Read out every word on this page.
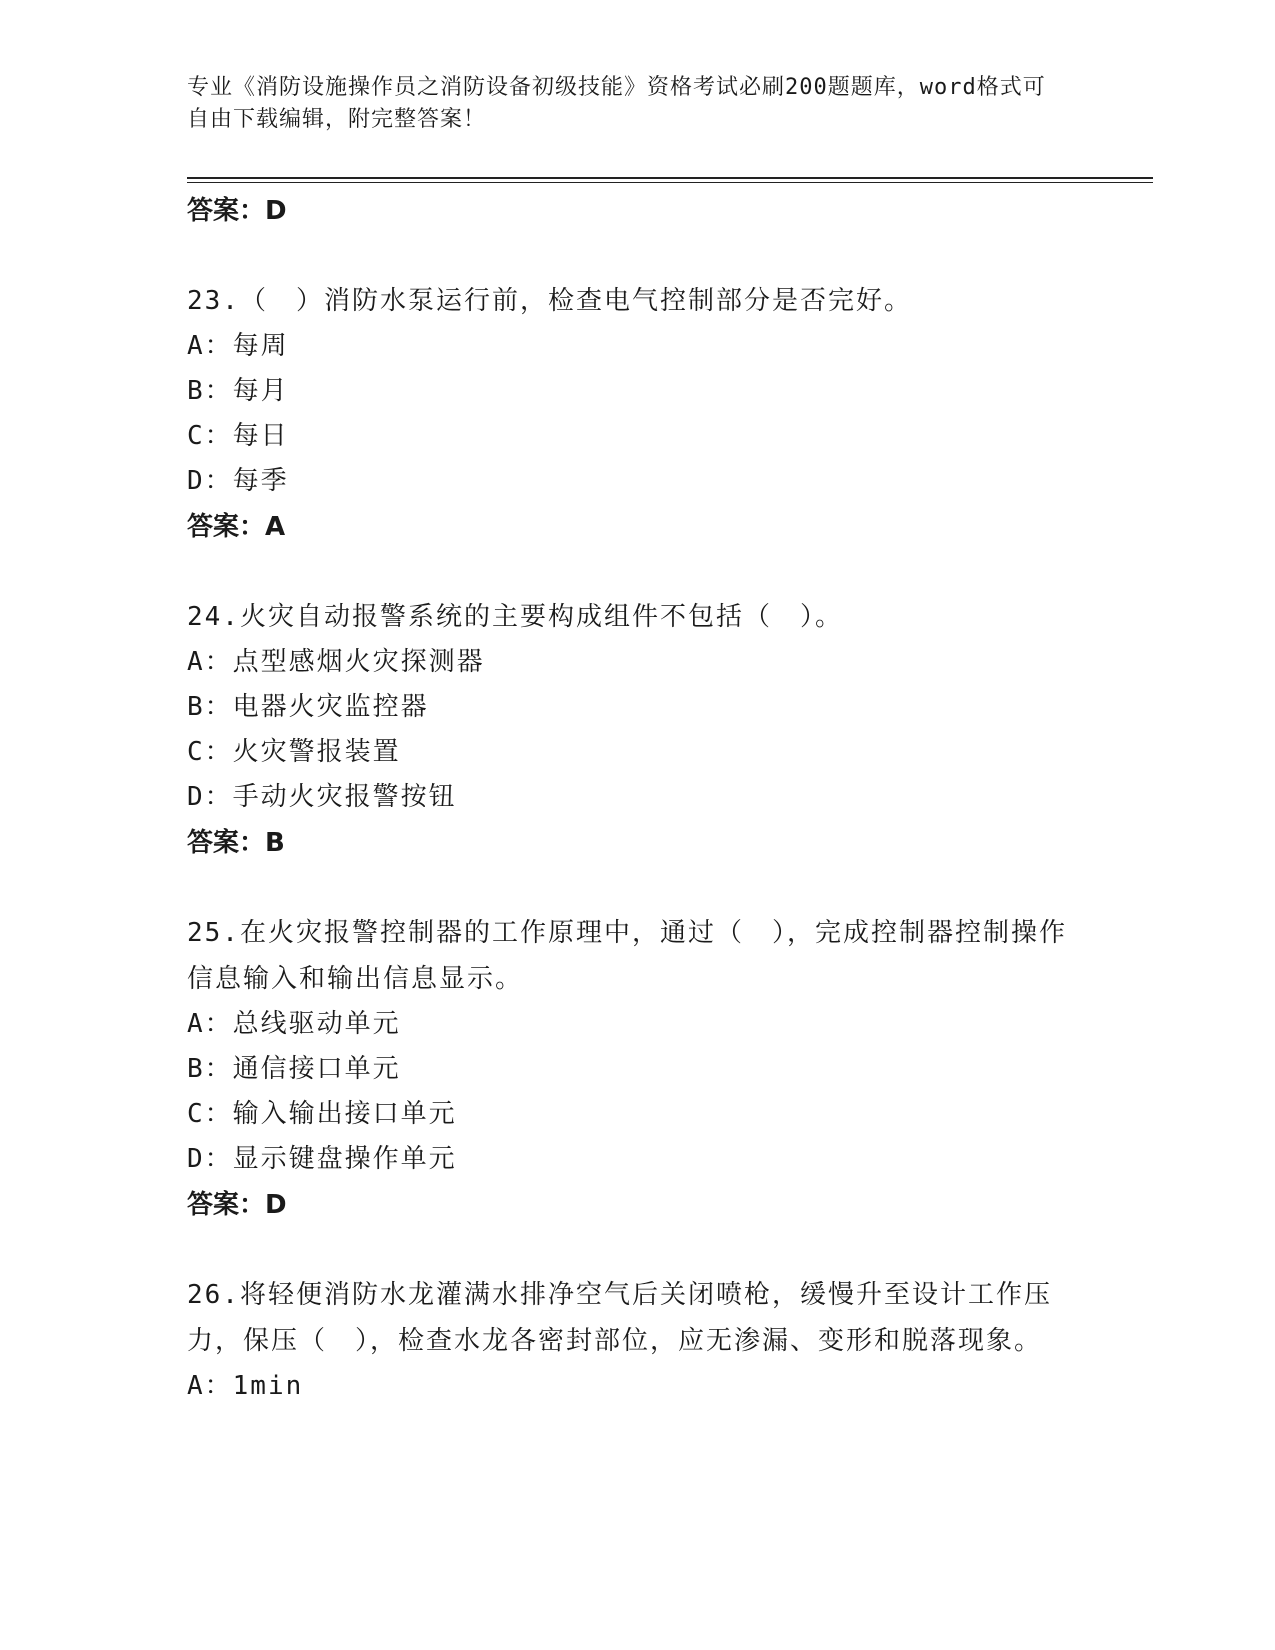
专业《消防设施操作员之消防设备初级技能》资格考试必刷200题题库，word格式可自由下载编辑，附完整答案！

答案：D

23.（　）消防水泵运行前，检查电气控制部分是否完好。

A：每周

B：每月

C：每日

D：每季

答案：A

24.火灾自动报警系统的主要构成组件不包括（　）。

A：点型感烟火灾探测器

B：电器火灾监控器

C：火灾警报装置

D：手动火灾报警按钮

答案：B

25.在火灾报警控制器的工作原理中，通过（　），完成控制器控制操作信息输入和输出信息显示。

A：总线驱动单元

B：通信接口单元

C：输入输出接口单元

D：显示键盘操作单元

答案：D

26.将轻便消防水龙灌满水排净空气后关闭喷枪，缓慢升至设计工作压力，保压（　），检查水龙各密封部位，应无渗漏、变形和脱落现象。

A：1min
